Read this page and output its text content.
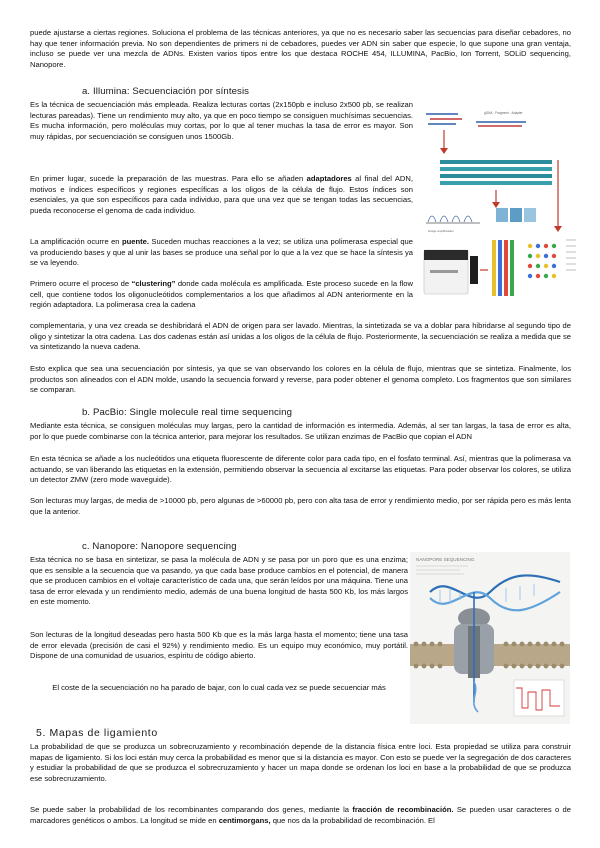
puede ajustarse a ciertas regiones. Soluciona el problema de las técnicas anteriores, ya que no es necesario saber las secuencias para diseñar cebadores, no hay que tener información previa. No son dependientes de primers ni de cebadores, puedes ver ADN sin saber que especie, lo que supone una gran ventaja, incluso se puede ver una mezcla de ADNs. Existen varios tipos entre los que destaca ROCHE 454, ILLUMINA, PacBio, Ion Torrent, SOLiD sequencing, Nanopore.

a. Illumina: Secuenciación por síntesis

Es la técnica de secuenciación más empleada. Realiza lecturas cortas (2x150pb e incluso 2x500 pb, se realizan lecturas pareadas). Tiene un rendimiento muy alto, ya que en poco tiempo se consiguen muchísimas secuencias. Es mucha información, pero moléculas muy cortas, por lo que al tener muchas la tasa de error es mayor. Son muy rápidas, por secuenciación se consiguen unos 1500Gb.

En primer lugar, sucede la preparación de las muestras. Para ello se añaden adaptadores al final del ADN, motivos e índices específicos y regiones específicas a los oligos de la célula de flujo. Estos índices son esenciales, ya que son específicos para cada individuo, para que una vez que se tengan todas las secuencias, pueda reconocerse el genoma de cada individuo.

La amplificación ocurre en puente. Suceden muchas reacciones a la vez; se utiliza una polimerasa especial que va produciendo bases y que al unir las bases se produce una señal por lo que a la vez que se hace la síntesis ya se va leyendo.

Primero ocurre el proceso de “clustering” donde cada molécula es amplificada. Este proceso sucede en la flow cell, que contiene todos los oligonucleótidos complementarios a los que añadimos al ADN anteriormente en la región adaptadora. La polimerasa crea la cadena

complementaria, y una vez creada se deshibridará el ADN de origen para ser lavado. Mientras, la sintetizada se va a doblar para hibridarse al segundo tipo de oligo y sintetizar la otra cadena. Las dos cadenas están así unidas a los oligos de la célula de flujo. Posteriormente, la secuenciación se realiza a medida que se va sintetizando la nueva cadena.

Esto explica que sea una secuenciación por síntesis, ya que se van observando los colores en la célula de flujo, mientras que se sintetiza. Finalmente, los productos son alineados con el ADN molde, usando la secuencia forward y reverse, para poder obtener el genoma completo. Los fragmentos que son similares se comparan.

gDNA · Fragment · Adapter
bridge amplification
b. PacBio: Single molecule real time sequencing

Mediante esta técnica, se consiguen moléculas muy largas, pero la cantidad de información es intermedia. Además, al ser tan largas, la tasa de error es alta, por lo que puede combinarse con la técnica anterior, para mejorar los resultados. Se utilizan enzimas de PacBio que copian el ADN

En esta técnica se añade a los nucleótidos una etiqueta fluorescente de diferente color para cada tipo, en el fosfato terminal. Así, mientras que la polimerasa va actuando, se van liberando las etiquetas en la extensión, permitiendo observar la secuencia al excitarse las etiquetas. Para poder observar los colores, se utiliza un detector ZMW (zero mode waveguide).

Son lecturas muy largas, de media de >10000 pb, pero algunas de >60000 pb, pero con alta tasa de error y rendimiento medio, por ser rápida pero es más lenta que la anterior.

c. Nanopore: Nanopore sequencing

Esta técnica no se basa en sintetizar, se pasa la molécula de ADN y se pasa por un poro que es una enzima; que es sensible a la secuencia que va pasando, ya que cada base produce cambios en el potencial, de manera que se producen cambios en el voltaje característico de cada una, que serán leídos por una máquina. Tiene una tasa de error elevada y un rendimiento medio, además de una buena longitud de hasta 500 Kb, los más largos en este momento.

Son lecturas de la longitud deseadas pero hasta 500 Kb que es la más larga hasta el momento; tiene una tasa de error elevada (precisión de casi el 92%) y rendimiento medio. Es un equipo muy económico, muy portátil. Dispone de una comunidad de usuarios, espíritu de código abierto.

El coste de la secuenciación no ha parado de bajar, con lo cual cada vez se puede secuenciar más

NANOPORE SEQUENCING
5. Mapas de ligamiento

La probabilidad de que se produzca un sobrecruzamiento y recombinación depende de la distancia física entre loci. Esta propiedad se utiliza para construir mapas de ligamiento. Si los loci están muy cerca la probabilidad es menor que si la distancia es mayor. Con esto se puede ver la segregación de dos caracteres y estudiar la probabilidad de que se produzca el sobrecruzamiento y hacer un mapa donde se ordenan los loci en base a la probabilidad de que se produzca ese sobrecruzamiento.

Se puede saber la probabilidad de los recombinantes comparando dos genes, mediante la fracción de recombinación. Se pueden usar caracteres o de marcadores genéticos o ambos. La longitud se mide en centimorgans, que nos da la probabilidad de recombinación. El
